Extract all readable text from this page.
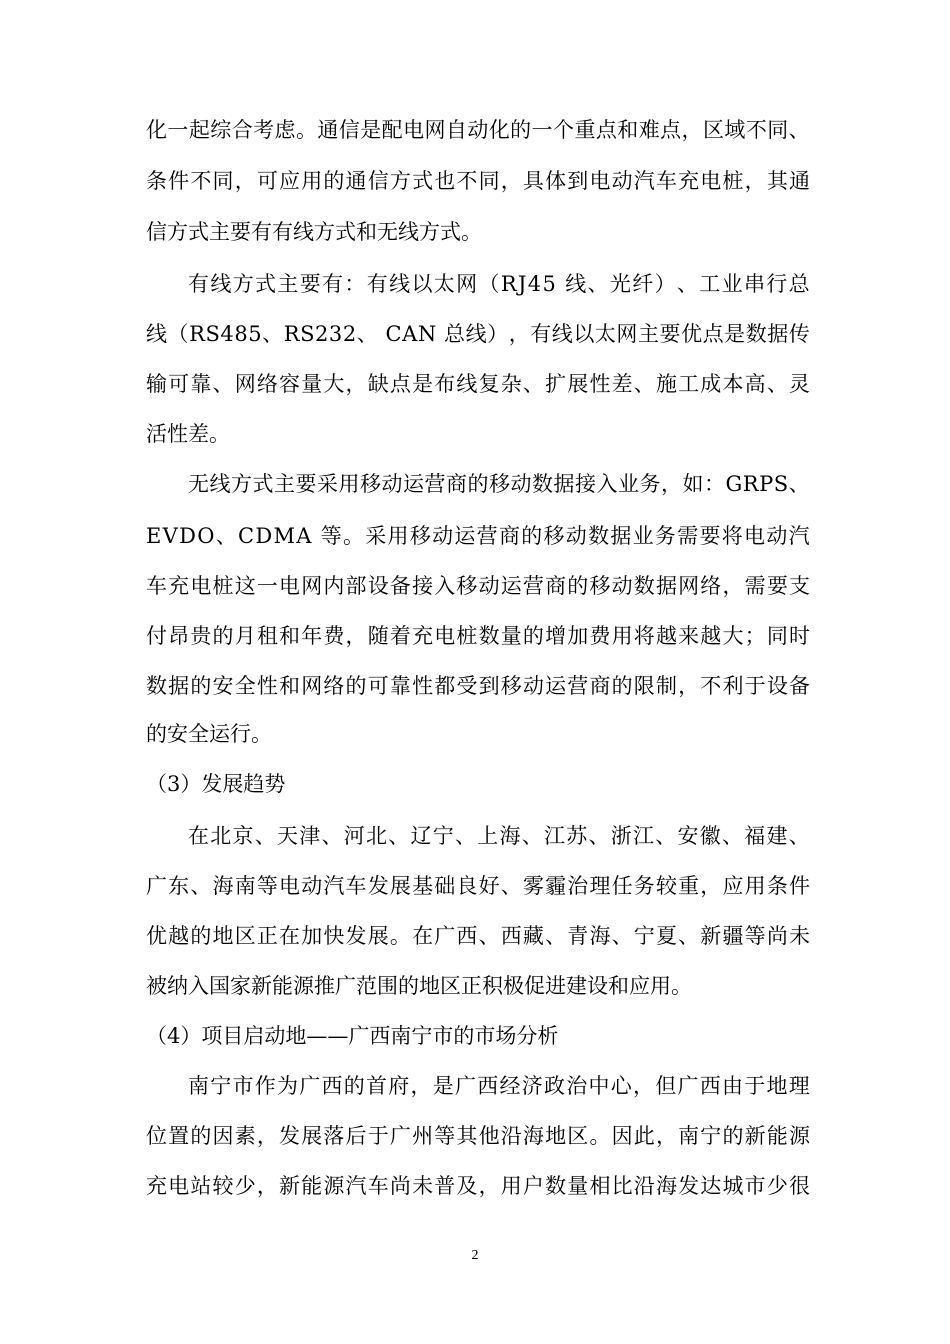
化 一 起 综 合 考 虑 。 通 信 是 配 电 网 自 动 化 的 一 个 重 点 和 难 点 ， 区 域 不 同 、
条 件 不 同 ， 可 应 用 的 通 信 方 式 也 不 同 ， 具 体 到 电 动 汽 车 充 电 桩 ， 其 通
信方式主要有有线方式和无线方式。
有 线 方 式 主 要 有 ： 有 线 以 太 网 （ R J 4 5
线 、 光 纤 ） 、 工 业 串 行 总
线 （ R S 4 8 5 、 R S 2 3 2 、
C A N
总 线 ） ， 有 线 以 太 网 主 要 优 点 是 数 据 传
输 可 靠 、 网 络 容 量 大 ， 缺 点 是 布 线 复 杂 、 扩 展 性 差 、 施 工 成 本 高 、 灵
活性差。
无 线 方 式 主 要 采 用 移 动 运 营 商 的 移 动 数 据 接 入 业 务 ， 如 ： G R P S 、
E V D O 、 C D M A
等 。 采 用 移 动 运 营 商 的 移 动 数 据 业 务 需 要 将 电 动 汽
车 充 电 桩 这 一 电 网 内 部 设 备 接 入 移 动 运 营 商 的 移 动 数 据 网 络 ， 需 要 支
付 昂 贵 的 月 租 和 年 费 ， 随 着 充 电 桩 数 量 的 增 加 费 用 将 越 来 越 大 ； 同 时
数 据 的 安 全 性 和 网 络 的 可 靠 性 都 受 到 移 动 运 营 商 的 限 制 ， 不 利 于 设 备
的安全运行。
（3）发展趋势
在 北 京 、 天 津 、 河 北 、 辽 宁 、 上 海 、 江 苏 、 浙 江 、 安 徽 、 福 建 、
广 东 、 海 南 等 电 动 汽 车 发 展 基 础 良 好 、 雾 霾 治 理 任 务 较 重 ， 应 用 条 件
优 越 的 地 区 正 在 加 快 发 展 。 在 广 西 、 西 藏 、 青 海 、 宁 夏 、 新 疆 等 尚 未
被纳入国家新能源推广范围的地区正积极促进建设和应用。
（4）项目启动地——广西南宁市的市场分析
南 宁 市 作 为 广 西 的 首 府 ， 是 广 西 经 济 政 治 中 心 ， 但 广 西 由 于 地 理
位 置 的 因 素 ， 发 展 落 后 于 广 州 等 其 他 沿 海 地 区 。 因 此 ， 南 宁 的 新 能 源
充 电 站 较 少 ， 新 能 源 汽 车 尚 未 普 及 ， 用 户 数 量 相 比 沿 海 发 达 城 市 少 很
2
